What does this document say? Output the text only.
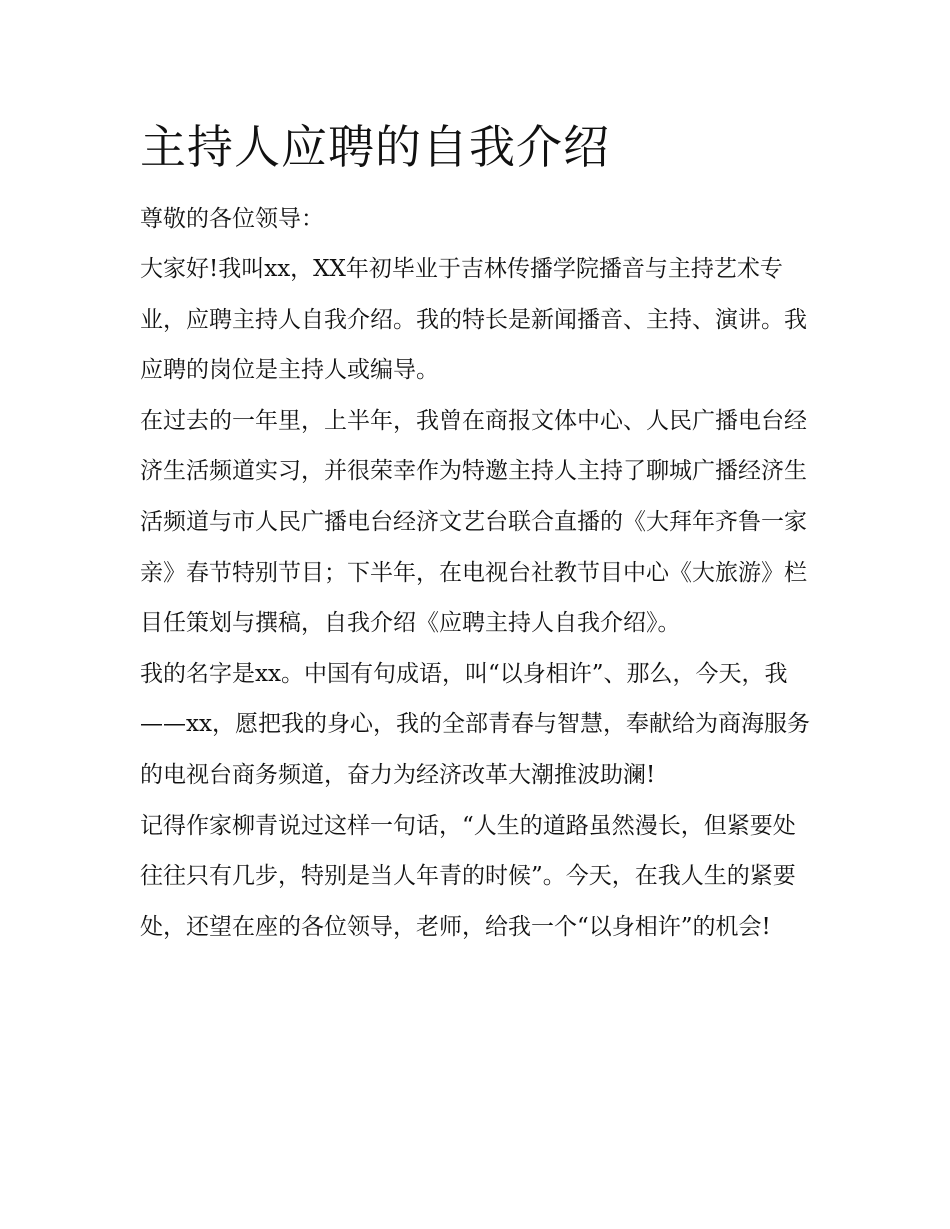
主持人应聘的自我介绍

尊敬的各位领导：

大家好!我叫xx，XX年初毕业于吉林传播学院播音与主持艺术专业，应聘主持人自我介绍。我的特长是新闻播音、主持、演讲。我应聘的岗位是主持人或编导。

在过去的一年里，上半年，我曾在商报文体中心、人民广播电台经济生活频道实习，并很荣幸作为特邀主持人主持了聊城广播经济生活频道与市人民广播电台经济文艺台联合直播的《大拜年齐鲁一家亲》春节特别节目；下半年，在电视台社教节目中心《大旅游》栏目任策划与撰稿，自我介绍《应聘主持人自我介绍》。

我的名字是xx。中国有句成语，叫“以身相许”、那么，今天，我——xx，愿把我的身心，我的全部青春与智慧，奉献给为商海服务的电视台商务频道，奋力为经济改革大潮推波助澜!

记得作家柳青说过这样一句话，“人生的道路虽然漫长，但紧要处往往只有几步，特别是当人年青的时候”。今天，在我人生的紧要处，还望在座的各位领导，老师，给我一个“以身相许”的机会!
